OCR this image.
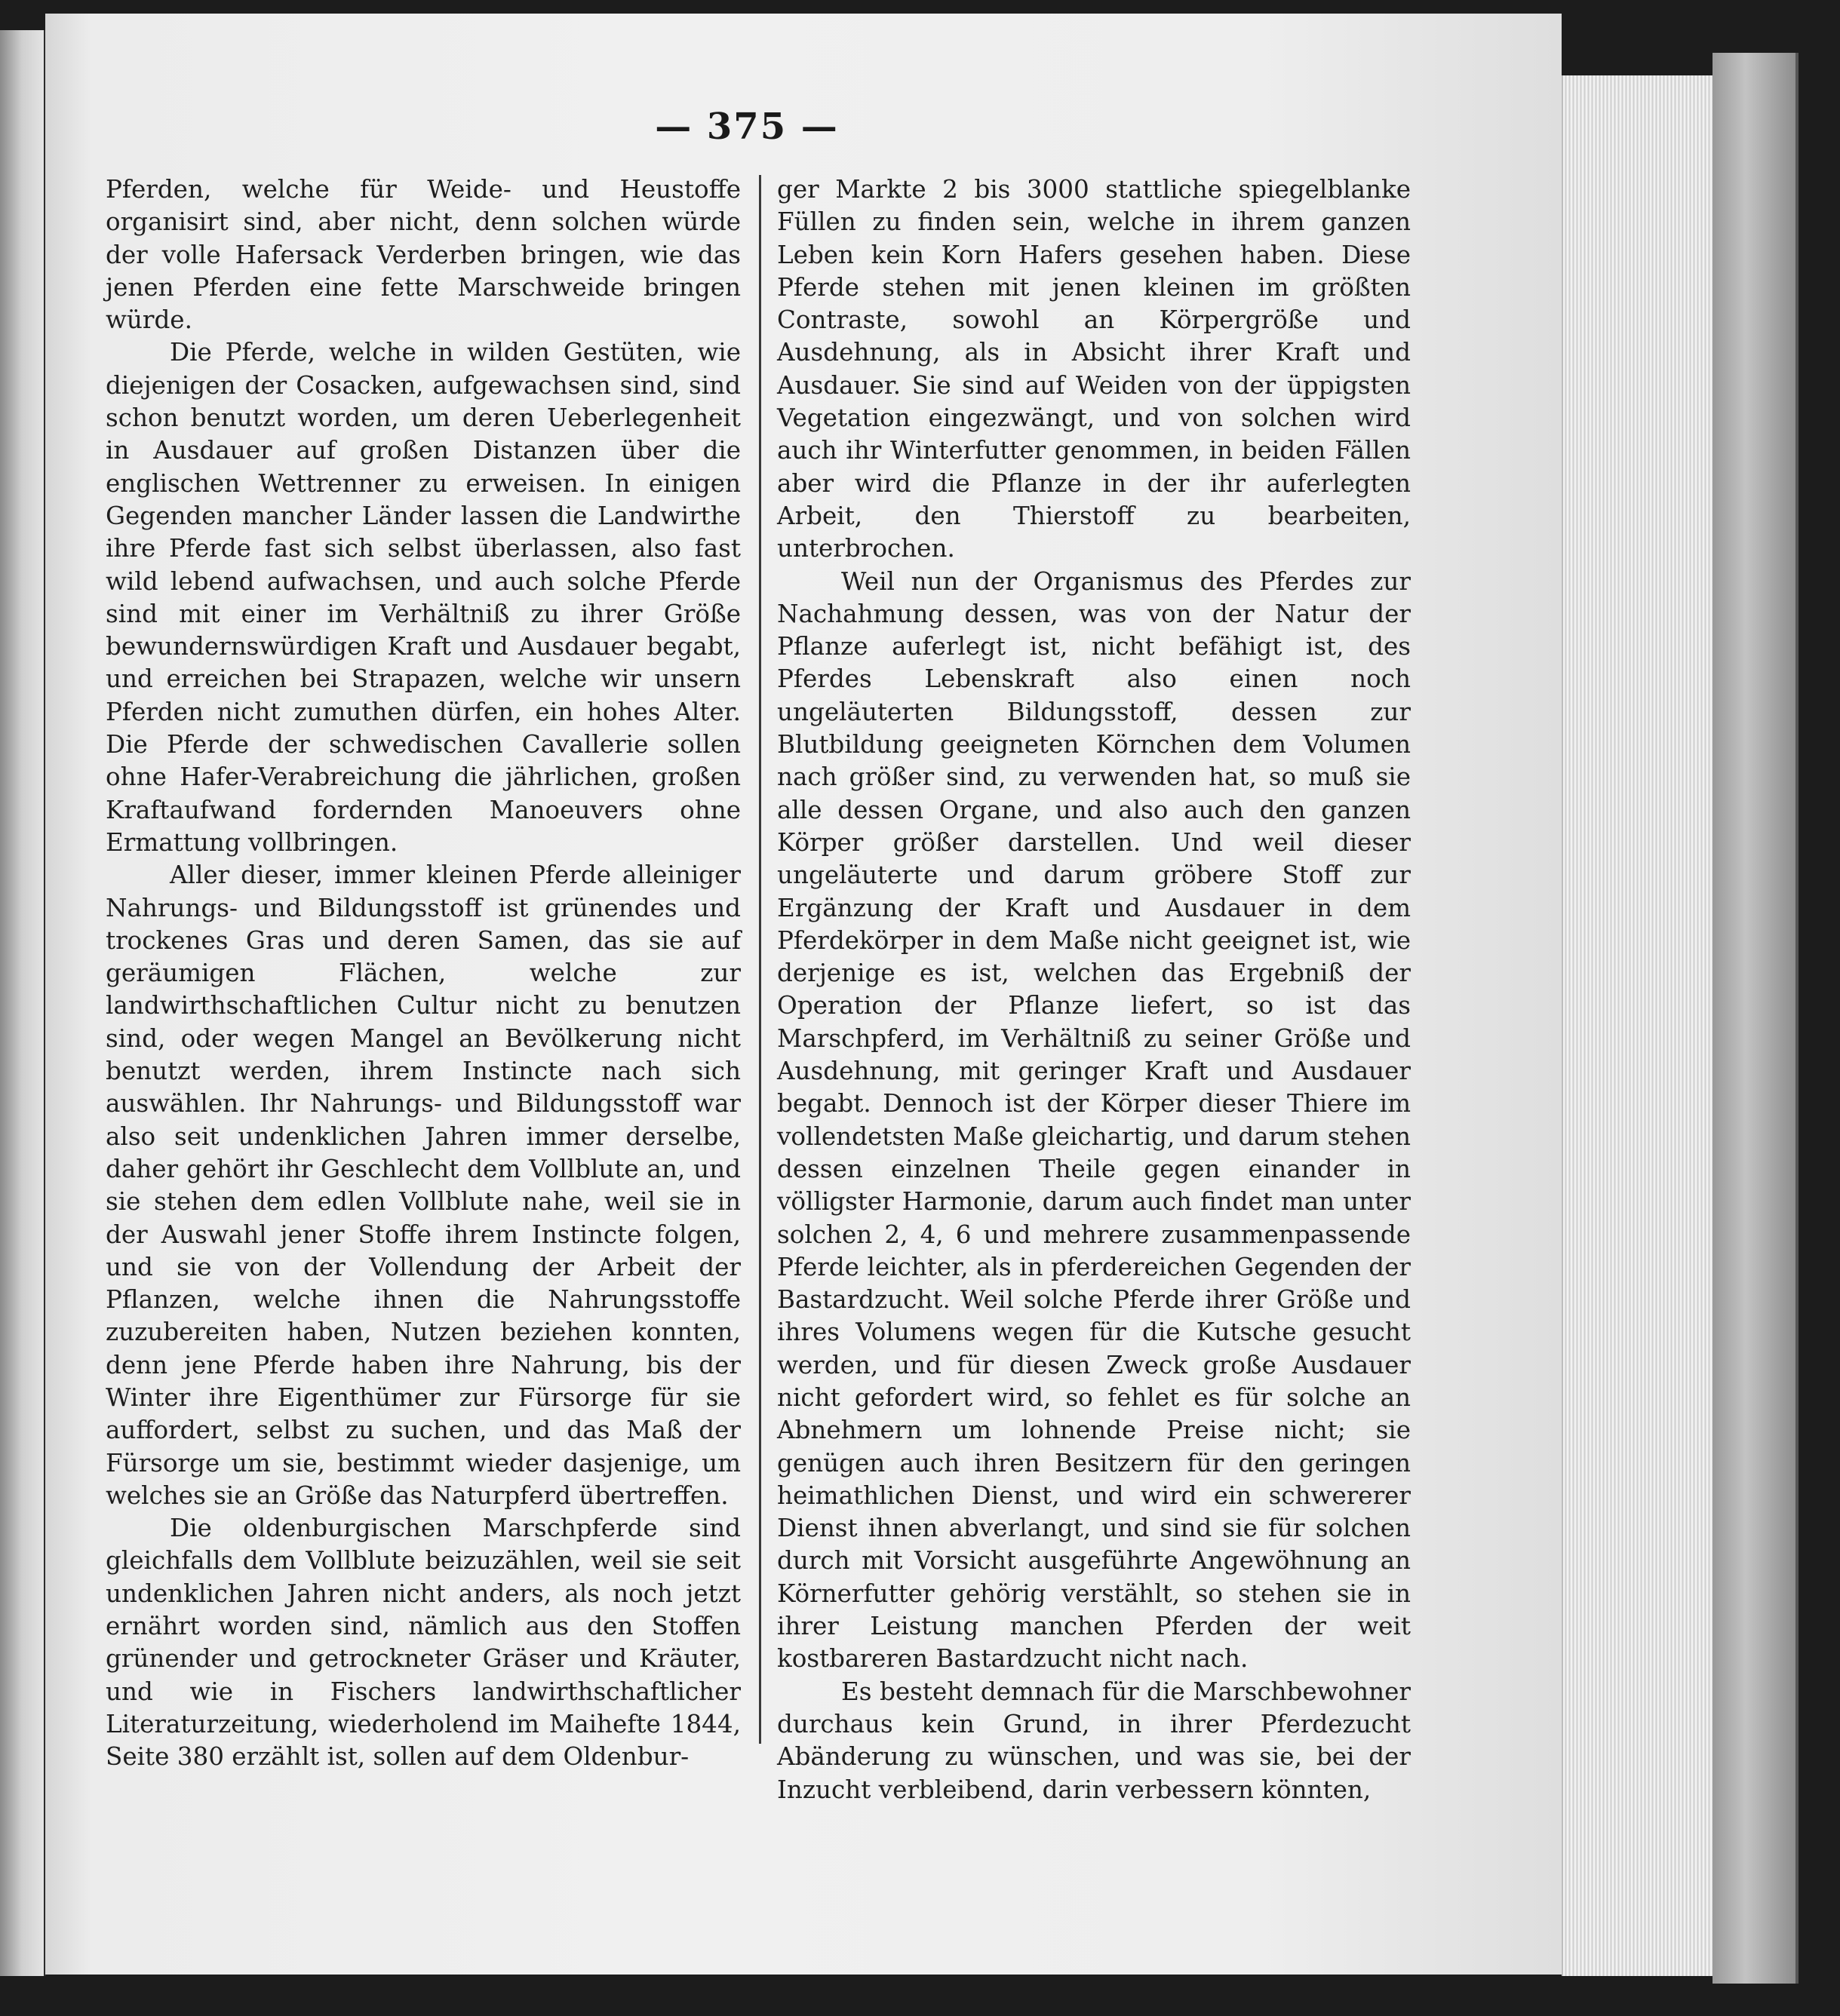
— 375 —

Pferden, welche für Weide- und Heustoffe organisirt sind, aber nicht, denn solchen würde der volle Hafersack Verderben bringen, wie das jenen Pferden eine fette Marschweide bringen würde.

Die Pferde, welche in wilden Gestüten, wie diejenigen der Cosacken, aufgewachsen sind, sind schon benutzt worden, um deren Ueberlegenheit in Ausdauer auf großen Distanzen über die englischen Wettrenner zu erweisen. In einigen Gegenden mancher Länder lassen die Landwirthe ihre Pferde fast sich selbst überlassen, also fast wild lebend aufwachsen, und auch solche Pferde sind mit einer im Verhältniß zu ihrer Größe bewundernswürdigen Kraft und Ausdauer begabt, und erreichen bei Strapazen, welche wir unsern Pferden nicht zumuthen dürfen, ein hohes Alter. Die Pferde der schwedischen Cavallerie sollen ohne Hafer-Verabreichung die jährlichen, großen Kraftaufwand fordernden Manoeuvers ohne Ermattung vollbringen.

Aller dieser, immer kleinen Pferde alleiniger Nahrungs- und Bildungsstoff ist grünendes und trockenes Gras und deren Samen, das sie auf geräumigen Flächen, welche zur landwirthschaftlichen Cultur nicht zu benutzen sind, oder wegen Mangel an Bevölkerung nicht benutzt werden, ihrem Instincte nach sich auswählen. Ihr Nahrungs- und Bildungsstoff war also seit undenklichen Jahren immer derselbe, daher gehört ihr Geschlecht dem Vollblute an, und sie stehen dem edlen Vollblute nahe, weil sie in der Auswahl jener Stoffe ihrem Instincte folgen, und sie von der Vollendung der Arbeit der Pflanzen, welche ihnen die Nahrungsstoffe zuzubereiten haben, Nutzen beziehen konnten, denn jene Pferde haben ihre Nahrung, bis der Winter ihre Eigenthümer zur Fürsorge für sie auffordert, selbst zu suchen, und das Maß der Fürsorge um sie, bestimmt wieder dasjenige, um welches sie an Größe das Naturpferd übertreffen.

Die oldenburgischen Marschpferde sind gleichfalls dem Vollblute beizuzählen, weil sie seit undenklichen Jahren nicht anders, als noch jetzt ernährt worden sind, nämlich aus den Stoffen grünender und getrockneter Gräser und Kräuter, und wie in Fischers landwirthschaftlicher Literaturzeitung, wiederholend im Maihefte 1844, Seite 380 erzählt ist, sollen auf dem Oldenbur-

ger Markte 2 bis 3000 stattliche spiegelblanke Füllen zu finden sein, welche in ihrem ganzen Leben kein Korn Hafers gesehen haben. Diese Pferde stehen mit jenen kleinen im größten Contraste, sowohl an Körpergröße und Ausdehnung, als in Absicht ihrer Kraft und Ausdauer. Sie sind auf Weiden von der üppigsten Vegetation eingezwängt, und von solchen wird auch ihr Winterfutter genommen, in beiden Fällen aber wird die Pflanze in der ihr auferlegten Arbeit, den Thierstoff zu bearbeiten, unterbrochen.

Weil nun der Organismus des Pferdes zur Nachahmung dessen, was von der Natur der Pflanze auferlegt ist, nicht befähigt ist, des Pferdes Lebenskraft also einen noch ungeläuterten Bildungsstoff, dessen zur Blutbildung geeigneten Körnchen dem Volumen nach größer sind, zu verwenden hat, so muß sie alle dessen Organe, und also auch den ganzen Körper größer darstellen. Und weil dieser ungeläuterte und darum gröbere Stoff zur Ergänzung der Kraft und Ausdauer in dem Pferdekörper in dem Maße nicht geeignet ist, wie derjenige es ist, welchen das Ergebniß der Operation der Pflanze liefert, so ist das Marschpferd, im Verhältniß zu seiner Größe und Ausdehnung, mit geringer Kraft und Ausdauer begabt. Dennoch ist der Körper dieser Thiere im vollendetsten Maße gleichartig, und darum stehen dessen einzelnen Theile gegen einander in völligster Harmonie, darum auch findet man unter solchen 2, 4, 6 und mehrere zusammenpassende Pferde leichter, als in pferdereichen Gegenden der Bastardzucht. Weil solche Pferde ihrer Größe und ihres Volumens wegen für die Kutsche gesucht werden, und für diesen Zweck große Ausdauer nicht gefordert wird, so fehlet es für solche an Abnehmern um lohnende Preise nicht; sie genügen auch ihren Besitzern für den geringen heimathlichen Dienst, und wird ein schwererer Dienst ihnen abverlangt, und sind sie für solchen durch mit Vorsicht ausgeführte Angewöhnung an Körnerfutter gehörig verstählt, so stehen sie in ihrer Leistung manchen Pferden der weit kostbareren Bastardzucht nicht nach.

Es besteht demnach für die Marschbewohner durchaus kein Grund, in ihrer Pferdezucht Abänderung zu wünschen, und was sie, bei der Inzucht verbleibend, darin verbessern könnten,
